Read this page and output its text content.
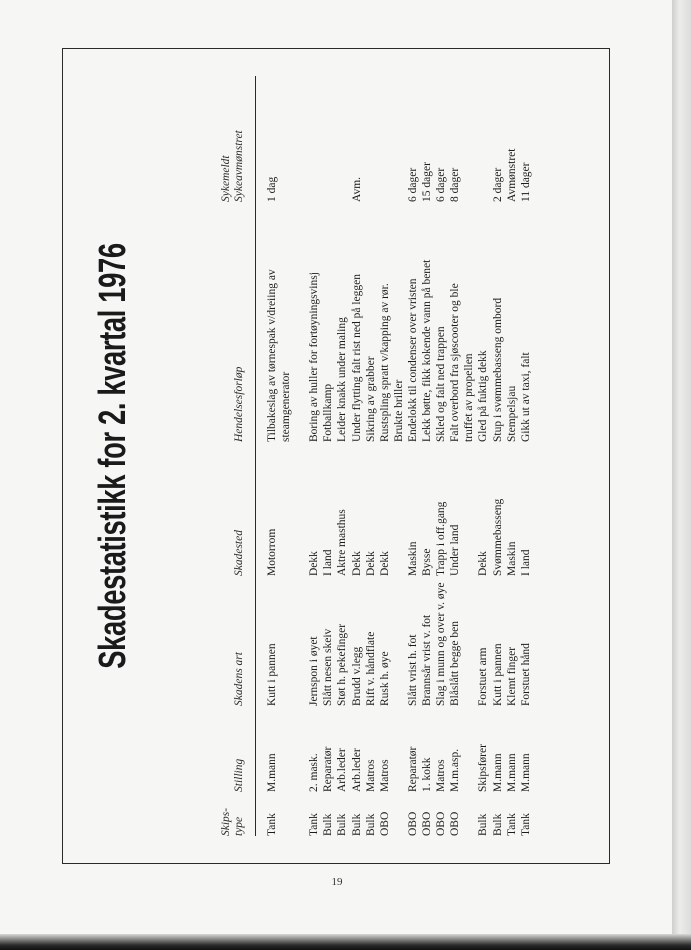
Skadestatistikk for 2. kvartal 1976
Skips- type
Stilling
Skadens art
Skadested
Hendelsesforløp
Sykemeldt Sykeavmønstret
Tank
M.mann
Kutt i pannen
Motorrom
Tilbakeslag av tørnespak v/dreiing av
1 dag
steamgenerator
Tank
2. mask.
Jernspon i øyet
Dekk
Boring av huller for fortøyningsvinsj
Bulk
Reparatør
Slått nesen skeiv
I land
Fotballkamp
Bulk
Arb.leder
Støt h. pekefinger
Aktre masthus
Leider knakk under maling
Bulk
Arb.leder
Brudd v.legg
Dekk
Under flytting falt rist ned på leggen
Avm.
Bulk
Matros
Rift v. håndflate
Dekk
Sikring av grabber
OBO
Matros
Rusk h. øye
Dekk
Rustspling spratt v/kapping av rør. Brukte briller
OBO
Reparatør
Slått vrist h. fot
Maskin
Endelokk til condenser over vristen
6 dager
OBO
1. kokk
Brannsår vrist v. fot
Bysse
Lekk bøtte, fikk kokende vann på benet
15 dager
OBO
Matros
Slag i munn og over v. øye
Trapp i off.gang
Skled og falt ned trappen
6 dager
OBO
M.m.asp.
Blåslått begge ben
Under land
Falt overbord fra sjøscooter og ble
8 dager
truffet av propellen
Bulk
Skipsfører
Forstuet arm
Dekk
Gled på fuktig dekk
Bulk
M.mann
Kutt i pannen
Svømmebasseng
Stup i svømmebasseng ombord
2 dager
Tank
M.mann
Klemt finger
Maskin
Stempelsjau
Avmønstret
Tank
M.mann
Forstuet hånd
I land
Gikk ut av taxi, falt
11 dager
19
